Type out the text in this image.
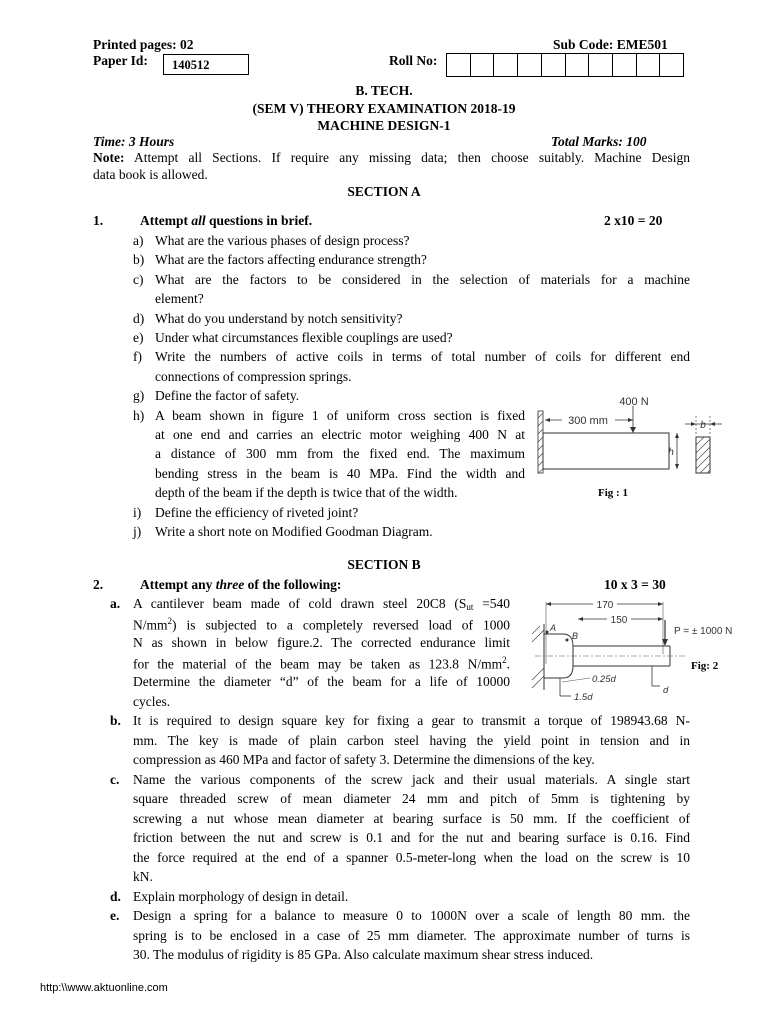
Printed pages: 02	Sub Code: EME501
Paper Id:	140512	Roll No:
B. TECH.
(SEM V) THEORY EXAMINATION 2018-19
MACHINE DESIGN-1
Time: 3 Hours	Total Marks: 100
Note: Attempt all Sections. If require any missing data; then choose suitably. Machine Design
data book is allowed.
SECTION A
1.	Attempt all questions in brief.	2 x10 = 20
a) What are the various phases of design process?
b) What are the factors affecting endurance strength?
c) What are the factors to be considered in the selection of materials for a machine
element?
d) What do you understand by notch sensitivity?
e) Under what circumstances flexible couplings are used?
f) Write the numbers of active coils in terms of total number of coils for different end
connections of compression springs.
g) Define the factor of safety.
h) A beam shown in figure 1 of uniform cross section is fixed
at one end and carries an electric motor weighing 400 N at
a distance of 300 mm from the fixed end. The maximum
bending stress in the beam is 40 MPa. Find the width and
depth of the beam if the depth is twice that of the width.
i) Define the efficiency of riveted joint?
j) Write a short note on Modified Goodman Diagram.
300 mm
400 N
h
b
Fig : 1
SECTION B
2.	Attempt any three of the following:	10 x 3 = 30
a. A cantilever beam made of cold drawn steel 20C8 (Sut =540
$N/mm^2$) is subjected to a completely reversed load of 1000
N as shown in below figure.2. The corrected endurance limit
for the material of the beam may be taken as 123.8 $N/mm^2$.
Determine the diameter “d” of the beam for a life of 10000
cycles.
b. It is required to design square key for fixing a gear to transmit a torque of 198943.68 N-
mm. The key is made of plain carbon steel having the yield point in tension and in
compression as 460 MPa and factor of safety 3. Determine the dimensions of the key.
c. Name the various components of the screw jack and their usual materials. A single start
square threaded screw of mean diameter 24 mm and pitch of 5mm is tightening by
screwing a nut whose mean diameter at bearing surface is 50 mm. If the coefficient of
friction between the nut and screw is 0.1 and for the nut and bearing surface is 0.16. Find
the force required at the end of a spanner 0.5-meter-long when the load on the screw is 10
kN.
d. Explain morphology of design in detail.
e. Design a spring for a balance to measure 0 to 1000N over a scale of length 80 mm. the
spring is to be enclosed in a case of 25 mm diameter. The approximate number of turns is
30. The modulus of rigidity is 85 GPa. Also calculate maximum shear stress induced.
170
150
A
B	P = ± 1000 N
0.25d
1.5d
d
Fig: 2
http:\\www.aktuonline.com
